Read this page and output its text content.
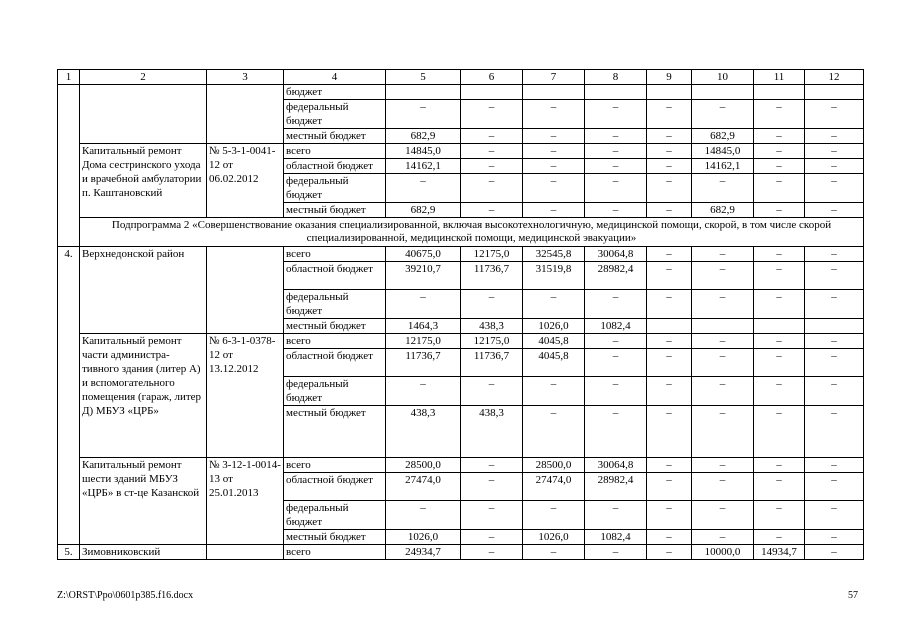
1	2	3	4	5	6	7	8	9	10	11	12
			бюджет								
			федеральный бюджет	–	–	–	–	–	–	–	–
			местный бюджет	682,9	–	–	–	–	682,9	–	–
	Капитальный ремонт Дома сестринского ухода и врачебной амбулатории п. Каштановский	№ 5-3-1-0041-12 от 06.02.2012	всего	14845,0	–	–	–	–	14845,0	–	–
			областной бюджет	14162,1	–	–	–	–	14162,1	–	–
			федеральный бюджет	–	–	–	–	–	–	–	–
			местный бюджет	682,9	–	–	–	–	682,9	–	–
	Подпрограмма 2 «Совершенствование оказания специализированной, включая высокотехнологичную, медицинской помощи, скорой, в том числе скорой специализированной, медицинской помощи, медицинской эвакуации»										
4.	Верхнедонской район		всего	40675,0	12175,0	32545,8	30064,8	–	–	–	–
			областной бюджет	39210,7	11736,7	31519,8	28982,4	–	–	–	–
			федеральный бюджет	–	–	–	–	–	–	–	–
			местный бюджет	1464,3	438,3	1026,0	1082,4				
	Капитальный ремонт части администра-тивного здания (литер А) и вспомогательного помещения (гараж, литер Д) МБУЗ «ЦРБ»	№ 6-3-1-0378-12 от 13.12.2012	всего	12175,0	12175,0	4045,8	–	–	–	–	–
			областной бюджет	11736,7	11736,7	4045,8	–	–	–	–	–
			федеральный бюджет	–	–	–	–	–	–	–	–
			местный бюджет	438,3	438,3	–	–	–	–	–	–
	Капитальный ремонт шести зданий МБУЗ «ЦРБ» в ст-це Казанской	№ 3-12-1-0014-13 от 25.01.2013	всего	28500,0	–	28500,0	30064,8	–	–	–	–
			областной бюджет	27474,0	–	27474,0	28982,4	–	–	–	–
			федеральный бюджет	–	–	–	–	–	–	–	–
			местный бюджет	1026,0	–	1026,0	1082,4	–	–	–	–
5.	Зимовниковский		всего	24934,7	–	–	–	–	10000,0	14934,7	–
Z:\ORST\Ppo\0601p385.f16.docx	57
